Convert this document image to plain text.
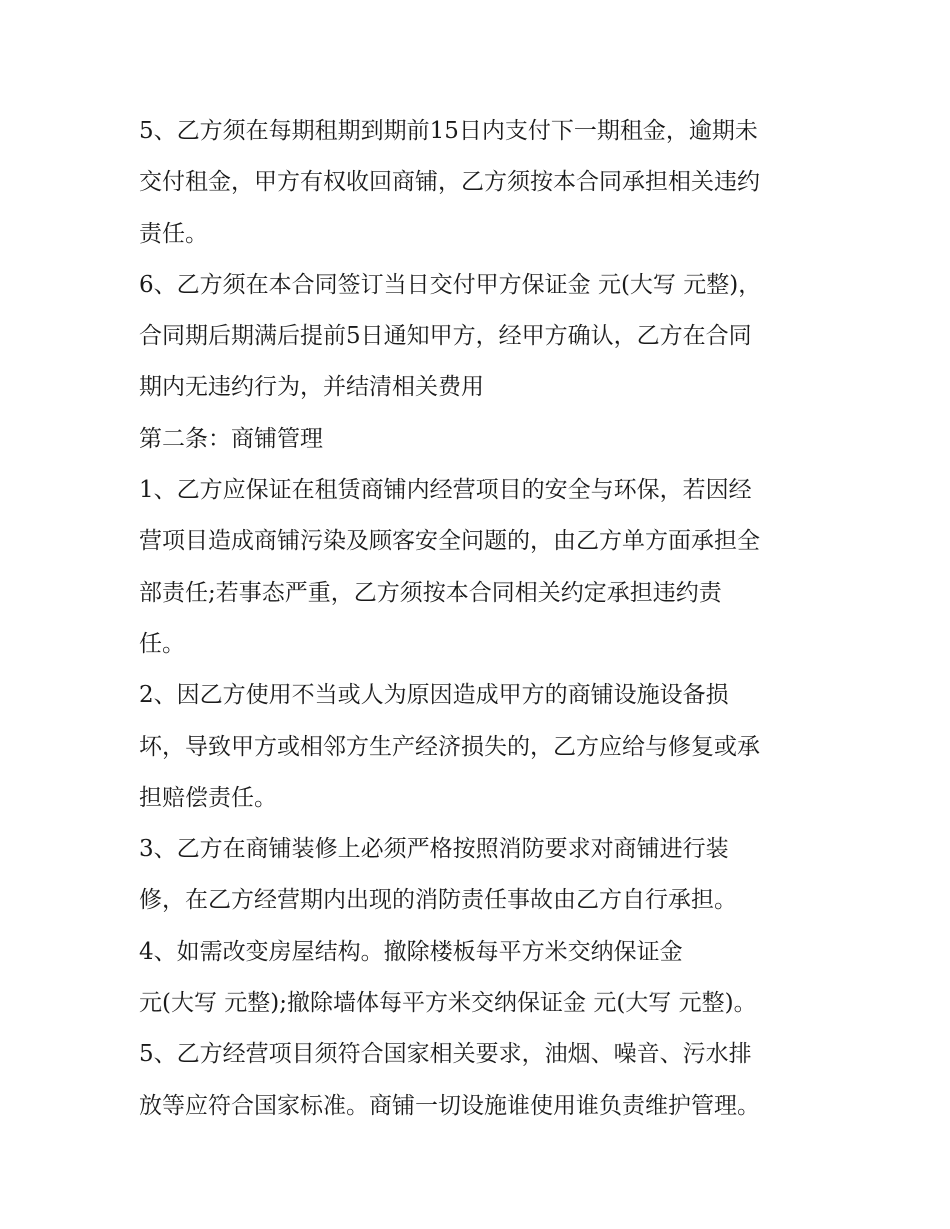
5、乙方须在每期租期到期前15日内支付下一期租金，逾期未
交付租金，甲方有权收回商铺，乙方须按本合同承担相关违约
责任。
6、乙方须在本合同签订当日交付甲方保证金 元(大写 元整)，
合同期后期满后提前5日通知甲方，经甲方确认，乙方在合同
期内无违约行为，并结清相关费用
第二条：商铺管理
1、乙方应保证在租赁商铺内经营项目的安全与环保，若因经
营项目造成商铺污染及顾客安全问题的，由乙方单方面承担全
部责任;若事态严重，乙方须按本合同相关约定承担违约责
任。
2、因乙方使用不当或人为原因造成甲方的商铺设施设备损
坏，导致甲方或相邻方生产经济损失的，乙方应给与修复或承
担赔偿责任。
3、乙方在商铺装修上必须严格按照消防要求对商铺进行装
修，在乙方经营期内出现的消防责任事故由乙方自行承担。
4、如需改变房屋结构。撤除楼板每平方米交纳保证金
元(大写 元整);撤除墙体每平方米交纳保证金 元(大写 元整)。
5、乙方经营项目须符合国家相关要求，油烟、噪音、污水排
放等应符合国家标准。商铺一切设施谁使用谁负责维护管理。
